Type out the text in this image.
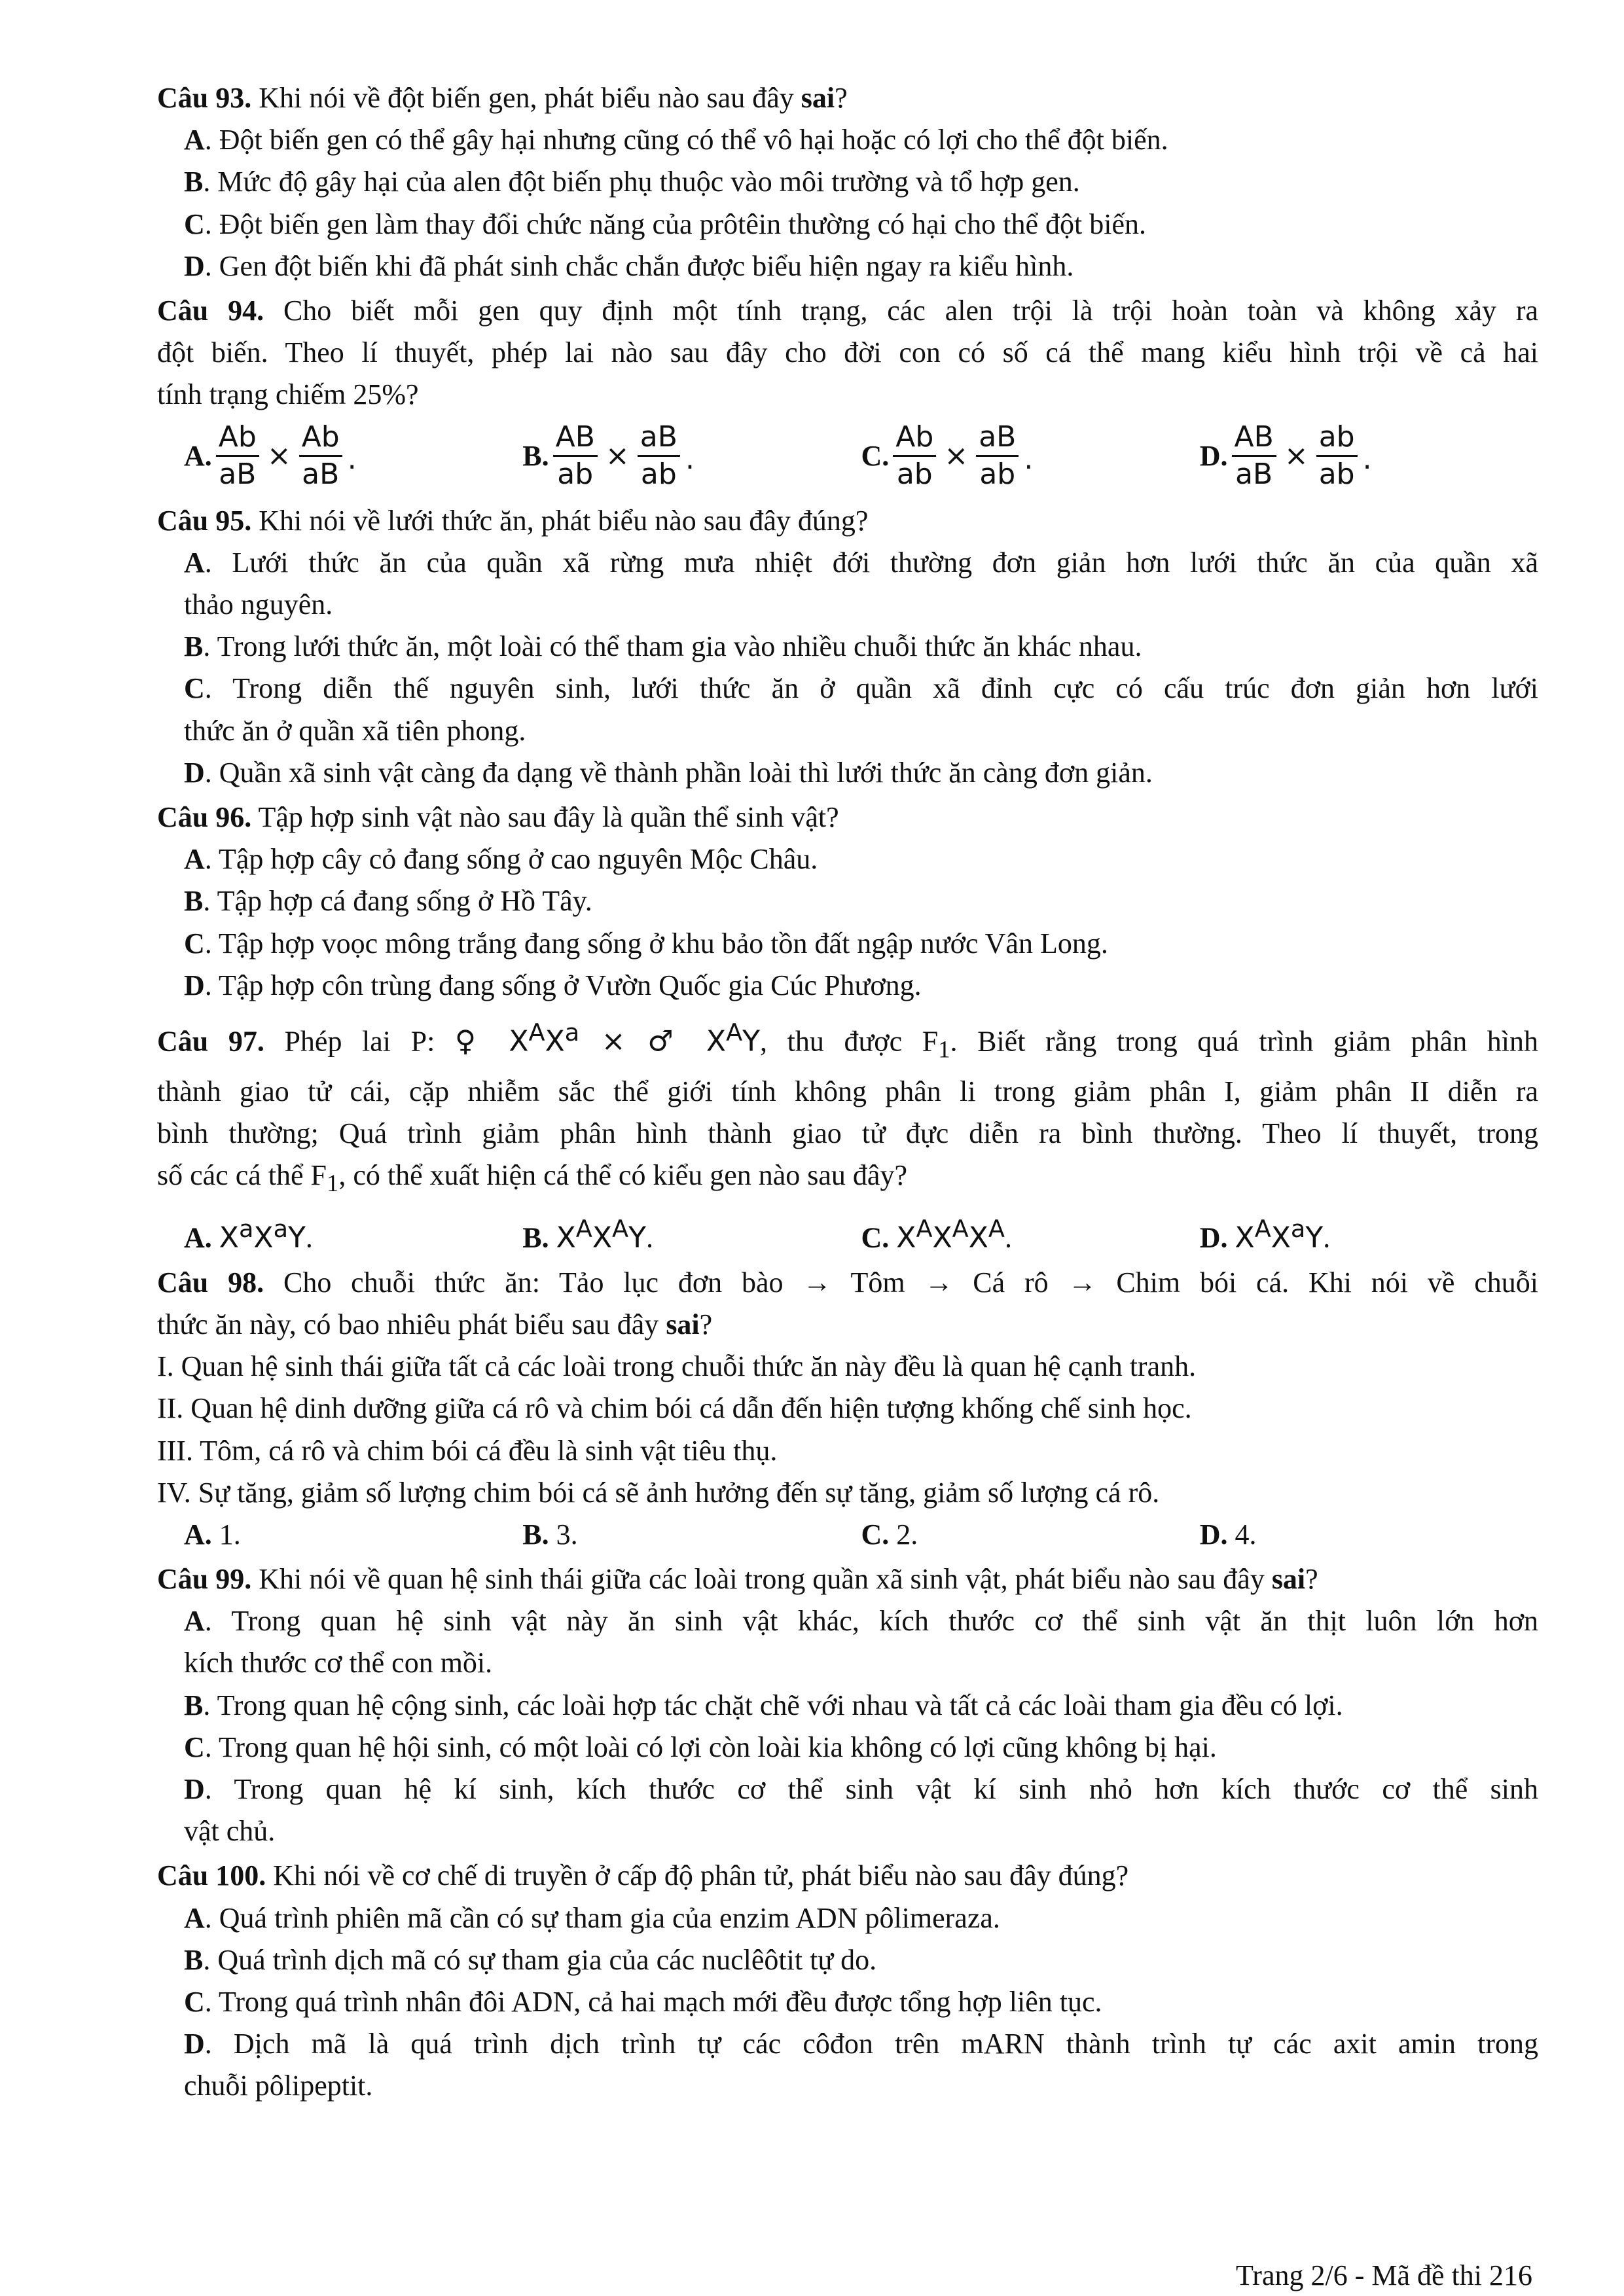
Câu 93. Khi nói về đột biến gen, phát biểu nào sau đây sai?
A. Đột biến gen có thể gây hại nhưng cũng có thể vô hại hoặc có lợi cho thể đột biến.
B. Mức độ gây hại của alen đột biến phụ thuộc vào môi trường và tổ hợp gen.
C. Đột biến gen làm thay đổi chức năng của prôtêin thường có hại cho thể đột biến.
D. Gen đột biến khi đã phát sinh chắc chắn được biểu hiện ngay ra kiểu hình.
Câu 94. Cho biết mỗi gen quy định một tính trạng, các alen trội là trội hoàn toàn và không xảy ra
đột biến. Theo lí thuyết, phép lai nào sau đây cho đời con có số cá thể mang kiểu hình trội về cả hai
tính trạng chiếm 25%?
A. $\frac{Ab}{aB} \times \frac{Ab}{aB}$ .	B. $\frac{AB}{ab} \times \frac{aB}{ab}$ .	C. $\frac{Ab}{ab} \times \frac{aB}{ab}$ .	D. $\frac{AB}{aB} \times \frac{ab}{ab}$ .
Câu 95. Khi nói về lưới thức ăn, phát biểu nào sau đây đúng?
A. Lưới thức ăn của quần xã rừng mưa nhiệt đới thường đơn giản hơn lưới thức ăn của quần xã
thảo nguyên.
B. Trong lưới thức ăn, một loài có thể tham gia vào nhiều chuỗi thức ăn khác nhau.
C. Trong diễn thế nguyên sinh, lưới thức ăn ở quần xã đỉnh cực có cấu trúc đơn giản hơn lưới
thức ăn ở quần xã tiên phong.
D. Quần xã sinh vật càng đa dạng về thành phần loài thì lưới thức ăn càng đơn giản.
Câu 96. Tập hợp sinh vật nào sau đây là quần thể sinh vật?
A. Tập hợp cây cỏ đang sống ở cao nguyên Mộc Châu.
B. Tập hợp cá đang sống ở Hồ Tây.
C. Tập hợp voọc mông trắng đang sống ở khu bảo tồn đất ngập nước Vân Long.
D. Tập hợp côn trùng đang sống ở Vườn Quốc gia Cúc Phương.
Câu 97. Phép lai P: ♀ $X^AX^a$ × ♂ $X^AY$, thu được $F_1$. Biết rằng trong quá trình giảm phân hình
thành giao tử cái, cặp nhiễm sắc thể giới tính không phân li trong giảm phân I, giảm phân II diễn ra
bình thường; Quá trình giảm phân hình thành giao tử đực diễn ra bình thường. Theo lí thuyết, trong
số các cá thể $F_1$, có thể xuất hiện cá thể có kiểu gen nào sau đây?
A. $X^aX^aY$.	B. $X^AX^AY$.	C. $X^AX^AX^A$.	D. $X^AX^aY$.
Câu 98. Cho chuỗi thức ăn: Tảo lục đơn bào → Tôm → Cá rô → Chim bói cá. Khi nói về chuỗi
thức ăn này, có bao nhiêu phát biểu sau đây sai?
I. Quan hệ sinh thái giữa tất cả các loài trong chuỗi thức ăn này đều là quan hệ cạnh tranh.
II. Quan hệ dinh dưỡng giữa cá rô và chim bói cá dẫn đến hiện tượng khống chế sinh học.
III. Tôm, cá rô và chim bói cá đều là sinh vật tiêu thụ.
IV. Sự tăng, giảm số lượng chim bói cá sẽ ảnh hưởng đến sự tăng, giảm số lượng cá rô.
A. 1.	B. 3.	C. 2.	D. 4.
Câu 99. Khi nói về quan hệ sinh thái giữa các loài trong quần xã sinh vật, phát biểu nào sau đây sai?
A. Trong quan hệ sinh vật này ăn sinh vật khác, kích thước cơ thể sinh vật ăn thịt luôn lớn hơn
kích thước cơ thể con mồi.
B. Trong quan hệ cộng sinh, các loài hợp tác chặt chẽ với nhau và tất cả các loài tham gia đều có lợi.
C. Trong quan hệ hội sinh, có một loài có lợi còn loài kia không có lợi cũng không bị hại.
D. Trong quan hệ kí sinh, kích thước cơ thể sinh vật kí sinh nhỏ hơn kích thước cơ thể sinh
vật chủ.
Câu 100. Khi nói về cơ chế di truyền ở cấp độ phân tử, phát biểu nào sau đây đúng?
A. Quá trình phiên mã cần có sự tham gia của enzim ADN pôlimeraza.
B. Quá trình dịch mã có sự tham gia của các nuclêôtit tự do.
C. Trong quá trình nhân đôi ADN, cả hai mạch mới đều được tổng hợp liên tục.
D. Dịch mã là quá trình dịch trình tự các côđon trên mARN thành trình tự các axit amin trong
chuỗi pôlipeptit.
Trang 2/6 - Mã đề thi 216
